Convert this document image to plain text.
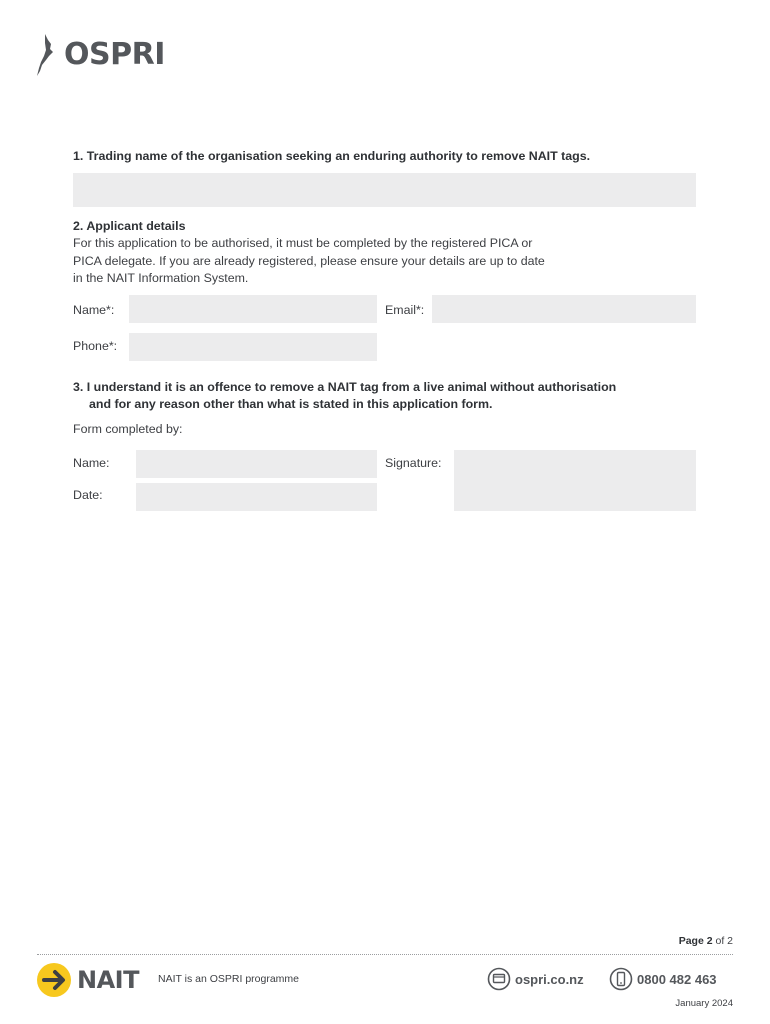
OSPRI
1. Trading name of the organisation seeking an enduring authority to remove NAIT tags.
2. Applicant details
For this application to be authorised, it must be completed by the registered PICA or
PICA delegate. If you are already registered, please ensure your details are up to date
in the NAIT Information System.
Name*:	Email*:
Phone*:
3. I understand it is an offence to remove a NAIT tag from a live animal without authorisation
and for any reason other than what is stated in this application form.
Form completed by:
Name:	Signature:
Date:
Page 2 of 2
NAIT NAIT is an OSPRI programme	ospri.co.nz	0800 482 463
January 2024
